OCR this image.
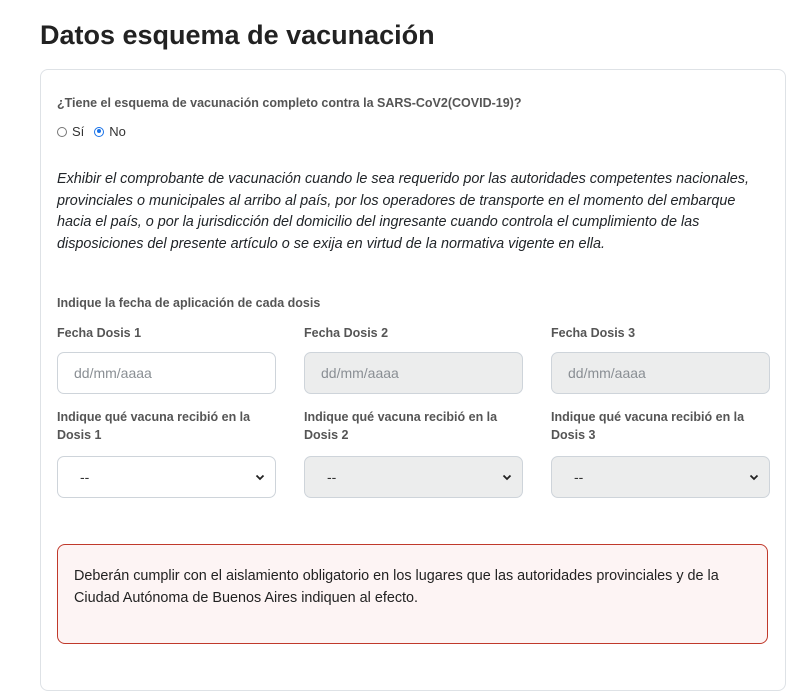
Datos esquema de vacunación

¿Tiene el esquema de vacunación completo contra la SARS-CoV2(COVID-19)?

Sí No

Exhibir el comprobante de vacunación cuando le sea requerido por las autoridades competentes nacionales, provinciales o municipales al arribo al país, por los operadores de transporte en el momento del embarque hacia el país, o por la jurisdicción del domicilio del ingresante cuando controla el cumplimiento de las disposiciones del presente artículo o se exija en virtud de la normativa vigente en ella.

Indique la fecha de aplicación de cada dosis

Fecha Dosis 1

dd/mm/aaaa

Indique qué vacuna recibió en la Dosis 1

--

Fecha Dosis 2

dd/mm/aaaa

Indique qué vacuna recibió en la Dosis 2

--

Fecha Dosis 3

dd/mm/aaaa

Indique qué vacuna recibió en la Dosis 3

--
Deberán cumplir con el aislamiento obligatorio en los lugares que las autoridades provinciales y de la Ciudad Autónoma de Buenos Aires indiquen al efecto.
